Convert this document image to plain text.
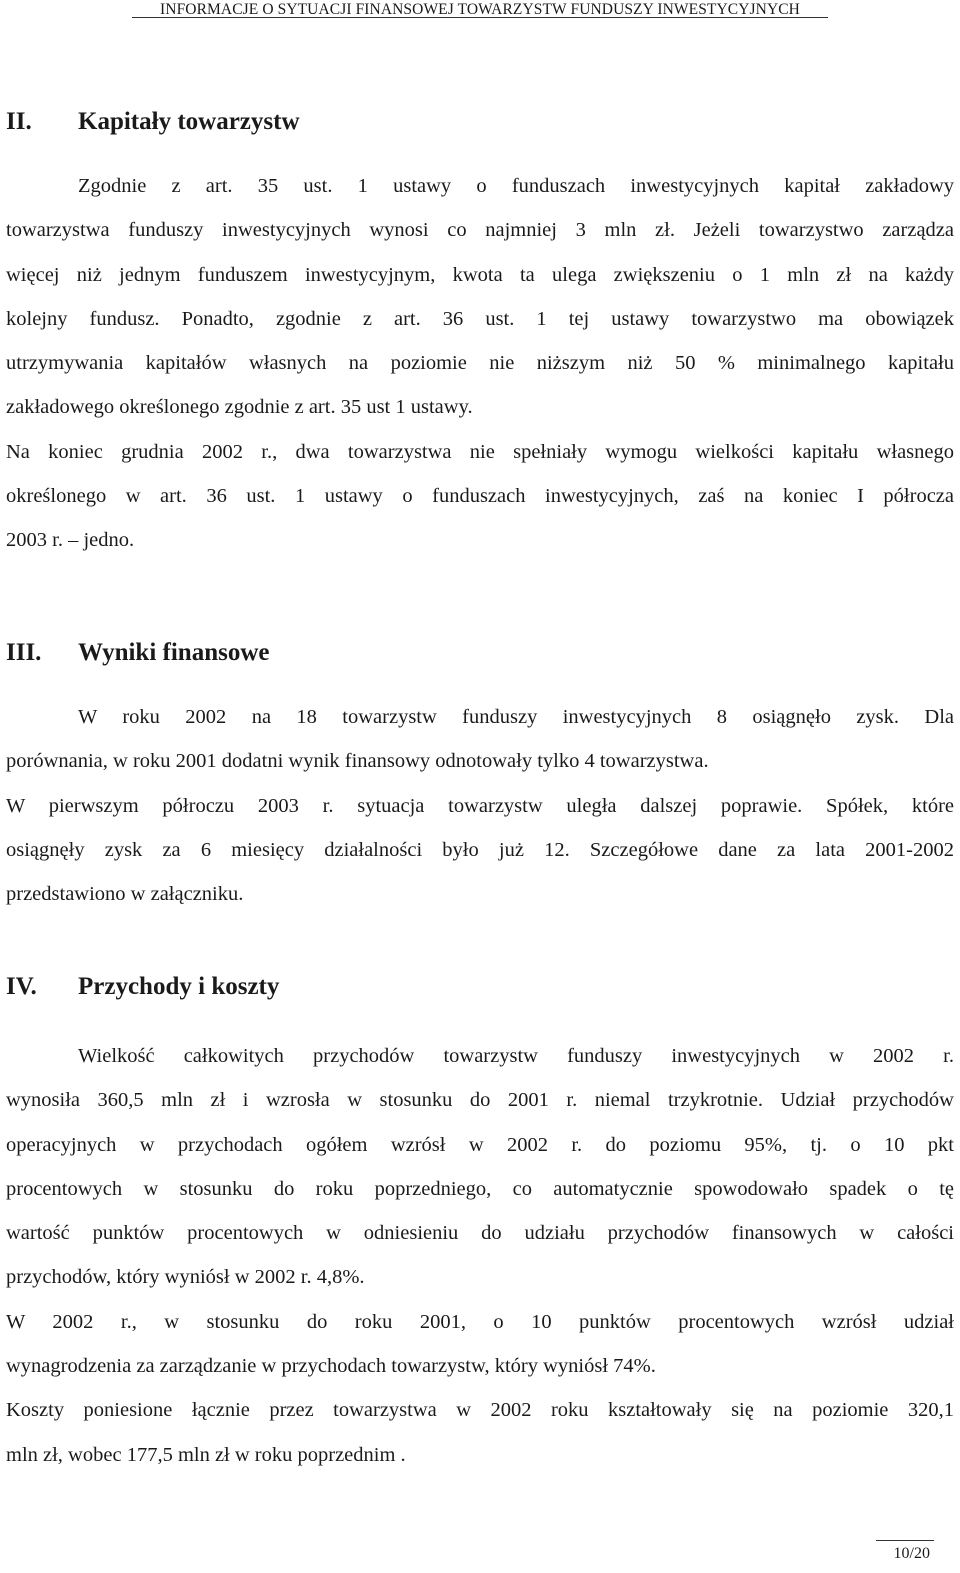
INFORMACJE O SYTUACJI FINANSOWEJ TOWARZYSTW FUNDUSZY INWESTYCYJNYCH
II.	Kapitały towarzystw
Zgodnie z art. 35 ust. 1 ustawy o funduszach inwestycyjnych kapitał zakładowy
towarzystwa funduszy inwestycyjnych wynosi co najmniej 3 mln zł. Jeżeli towarzystwo zarządza
więcej niż jednym funduszem inwestycyjnym, kwota ta ulega zwiększeniu o 1 mln zł na każdy
kolejny fundusz. Ponadto, zgodnie z art. 36 ust. 1 tej ustawy towarzystwo ma obowiązek
utrzymywania kapitałów własnych na poziomie nie niższym niż 50 % minimalnego kapitału
zakładowego określonego zgodnie z art. 35 ust 1 ustawy.
Na koniec grudnia 2002 r., dwa towarzystwa nie spełniały wymogu wielkości kapitału własnego
określonego w art. 36 ust. 1 ustawy o funduszach inwestycyjnych, zaś na koniec I półrocza
2003 r. – jedno.
III.	Wyniki finansowe
W roku 2002 na 18 towarzystw funduszy inwestycyjnych 8 osiągnęło zysk. Dla
porównania, w roku 2001 dodatni wynik finansowy odnotowały tylko 4 towarzystwa.
W pierwszym półroczu 2003 r. sytuacja towarzystw uległa dalszej poprawie. Spółek, które
osiągnęły zysk za 6 miesięcy działalności było już 12. Szczegółowe dane za lata 2001-2002
przedstawiono w załączniku.
IV.	Przychody i koszty
Wielkość całkowitych przychodów towarzystw funduszy inwestycyjnych w 2002 r.
wynosiła 360,5 mln zł i wzrosła w stosunku do 2001 r. niemal trzykrotnie. Udział przychodów
operacyjnych w przychodach ogółem wzrósł w 2002 r. do poziomu 95%, tj. o 10 pkt
procentowych w stosunku do roku poprzedniego, co automatycznie spowodowało spadek o tę
wartość punktów procentowych w odniesieniu do udziału przychodów finansowych w całości
przychodów, który wyniósł w 2002 r. 4,8%.
W 2002 r., w stosunku do roku 2001, o 10 punktów procentowych wzrósł udział
wynagrodzenia za zarządzanie w przychodach towarzystw, który wyniósł 74%.
Koszty poniesione łącznie przez towarzystwa w 2002 roku kształtowały się na poziomie 320,1
mln zł, wobec 177,5 mln zł w roku poprzednim .
10/20
